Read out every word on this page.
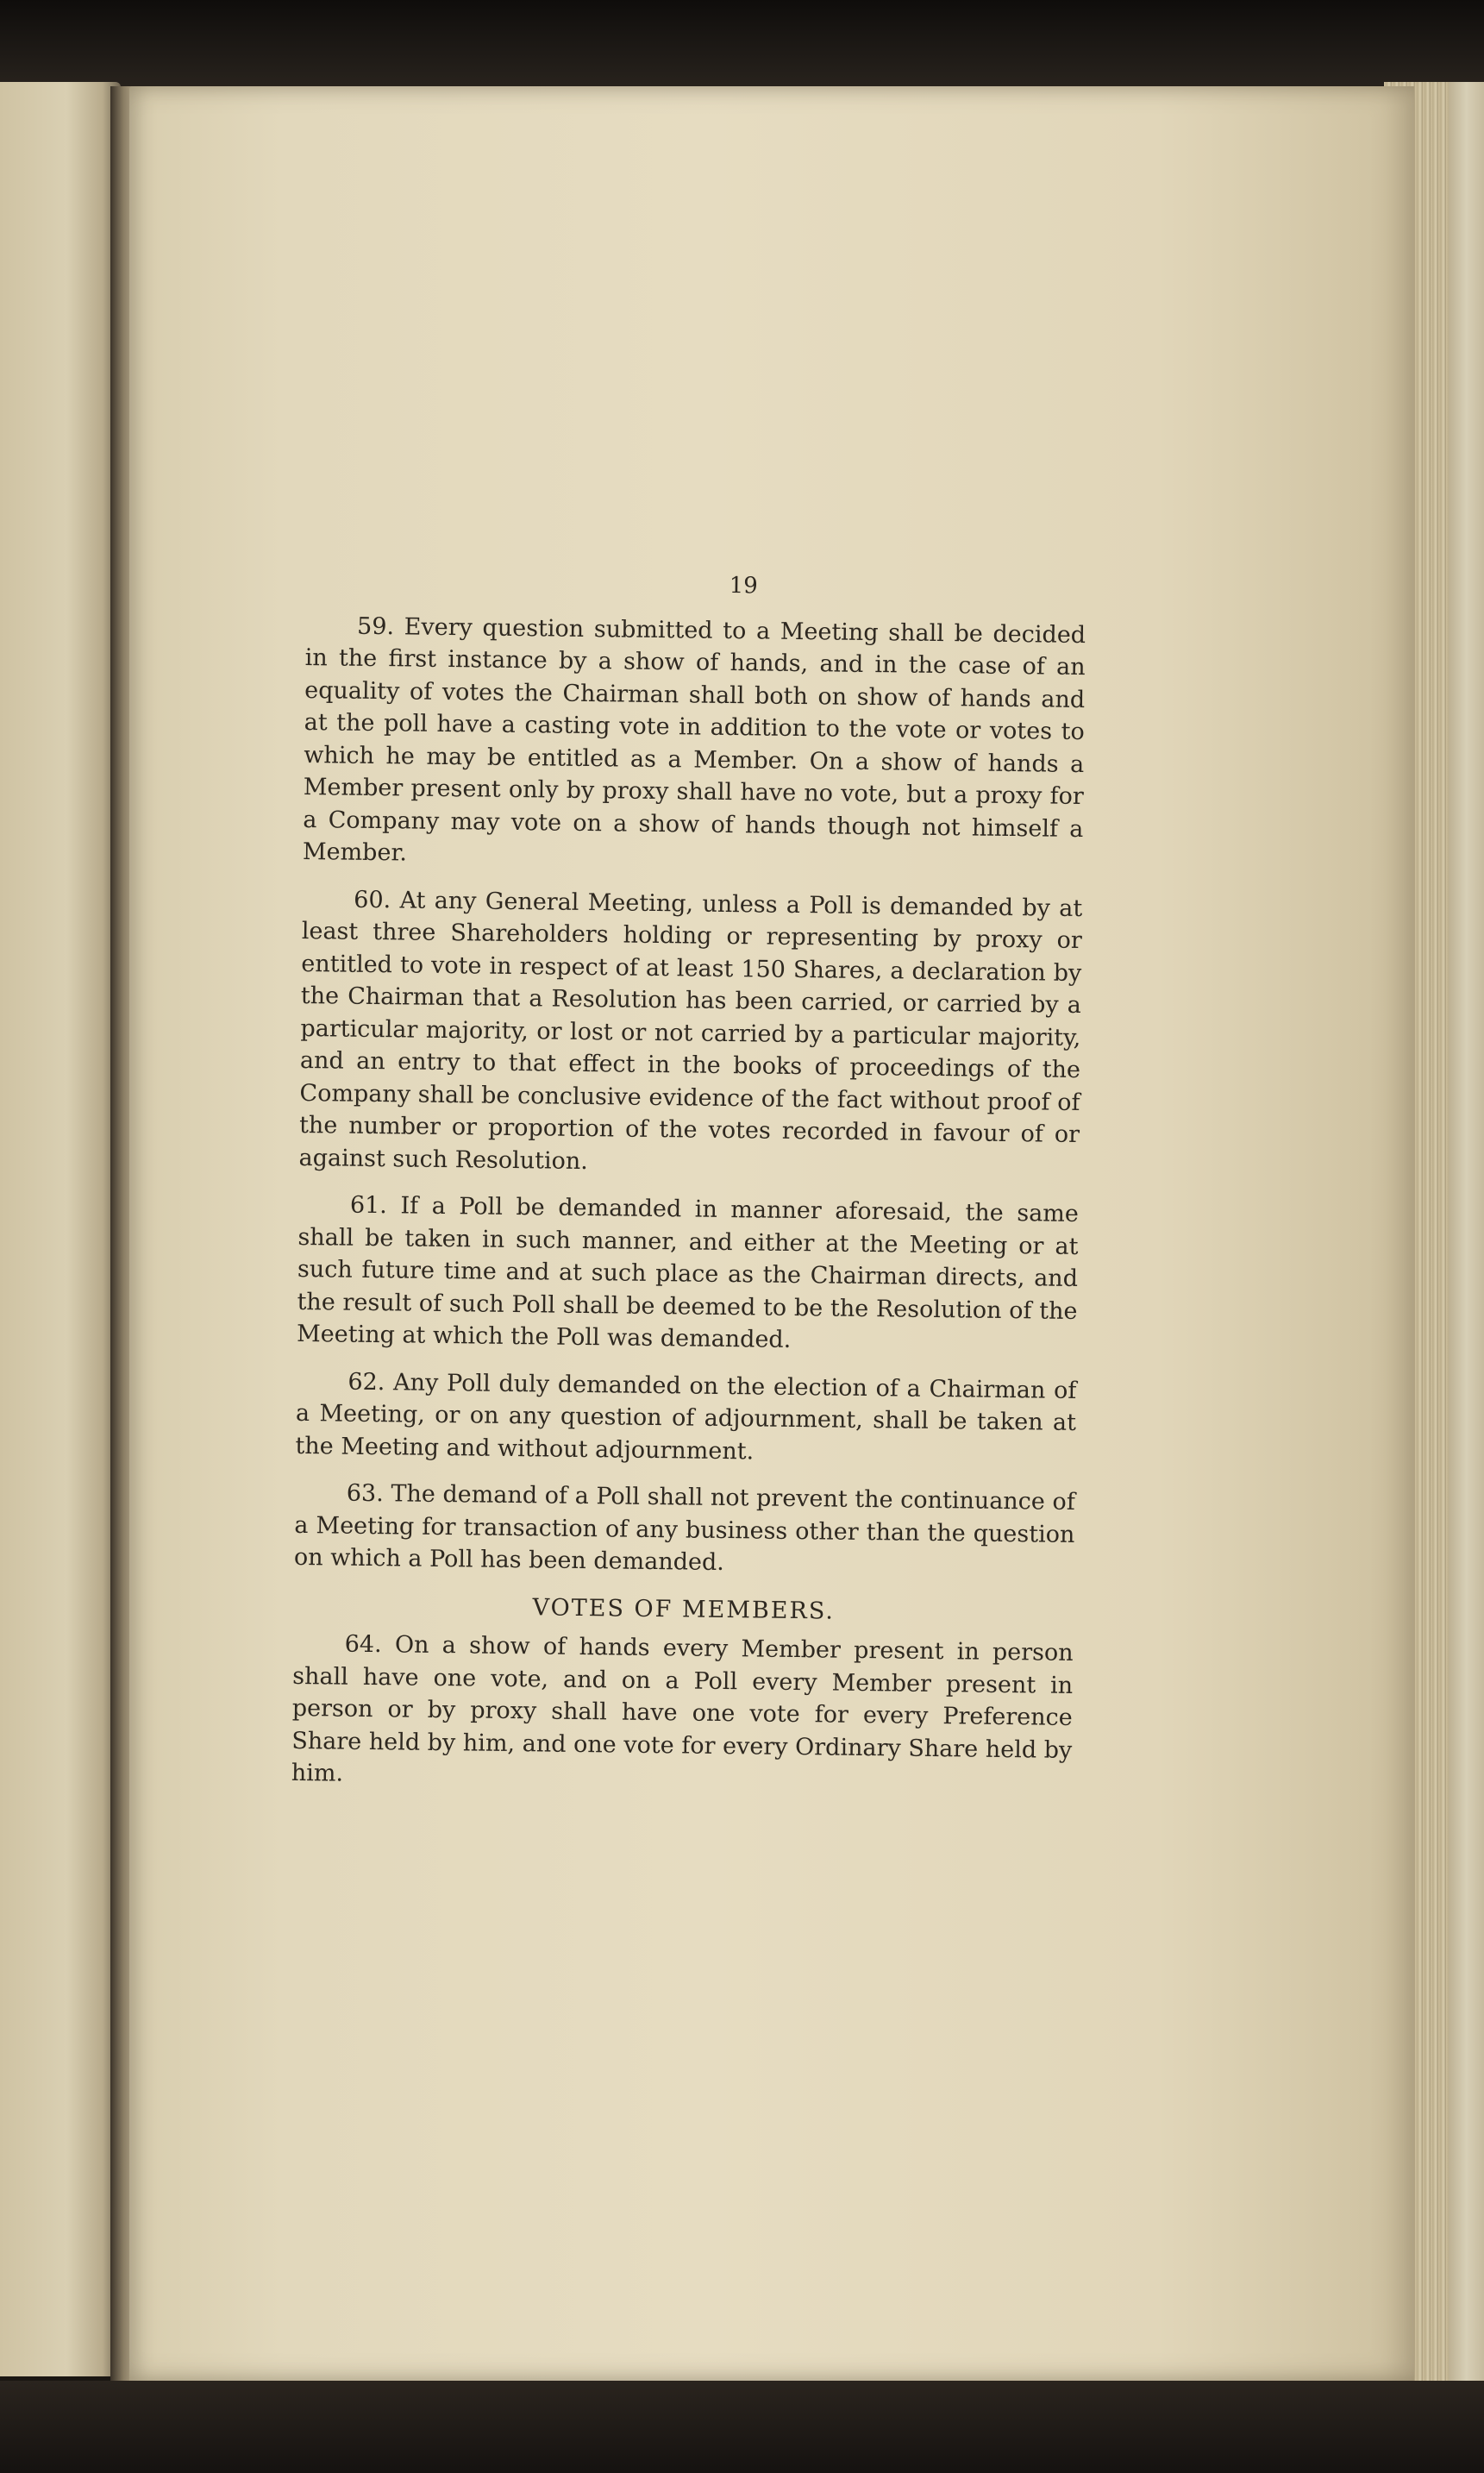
19

59. Every question submitted to a Meeting shall be decided in the first instance by a show of hands, and in the case of an equality of votes the Chairman shall both on show of hands and at the poll have a casting vote in addition to the vote or votes to which he may be entitled as a Member. On a show of hands a Member present only by proxy shall have no vote, but a proxy for a Company may vote on a show of hands though not himself a Member.

60. At any General Meeting, unless a Poll is demanded by at least three Shareholders holding or representing by proxy or entitled to vote in respect of at least 150 Shares, a declaration by the Chairman that a Resolution has been carried, or carried by a particular majority, or lost or not carried by a particular majority, and an entry to that effect in the books of proceedings of the Company shall be conclusive evidence of the fact without proof of the number or proportion of the votes recorded in favour of or against such Resolution.

61. If a Poll be demanded in manner aforesaid, the same shall be taken in such manner, and either at the Meeting or at such future time and at such place as the Chairman directs, and the result of such Poll shall be deemed to be the Resolution of the Meeting at which the Poll was demanded.

62. Any Poll duly demanded on the election of a Chairman of a Meeting, or on any question of adjournment, shall be taken at the Meeting and without adjournment.

63. The demand of a Poll shall not prevent the continuance of a Meeting for transaction of any business other than the question on which a Poll has been demanded.

VOTES OF MEMBERS.

64. On a show of hands every Member present in person shall have one vote, and on a Poll every Member present in person or by proxy shall have one vote for every Preference Share held by him, and one vote for every Ordinary Share held by him.
